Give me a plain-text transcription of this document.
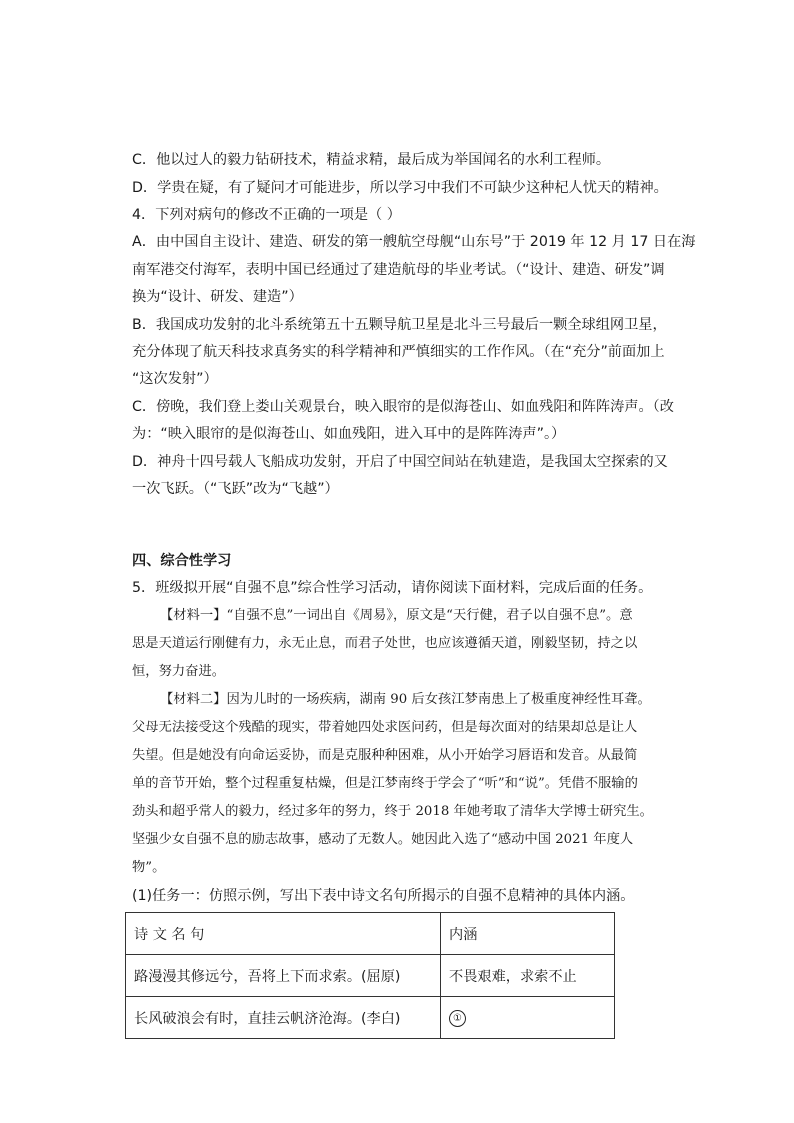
C．他以过人的毅力钻研技术，精益求精，最后成为举国闻名的水利工程师。
D．学贵在疑，有了疑问才可能进步，所以学习中我们不可缺少这种杞人忧天的精神。
4．下列对病句的修改不正确的一项是（ ）
A．由中国自主设计、建造、研发的第一艘航空母舰“山东号”于 2019 年 12 月 17 日在海
南军港交付海军，表明中国已经通过了建造航母的毕业考试。（“设计、建造、研发”调
换为“设计、研发、建造”）
B．我国成功发射的北斗系统第五十五颗导航卫星是北斗三号最后一颗全球组网卫星，
充分体现了航天科技求真务实的科学精神和严慎细实的工作作风。（在“充分”前面加上
“这次发射”）
C．傍晚，我们登上娄山关观景台，映入眼帘的是似海苍山、如血残阳和阵阵涛声。（改
为：“映入眼帘的是似海苍山、如血残阳，进入耳中的是阵阵涛声”。）
D．神舟十四号载人飞船成功发射，开启了中国空间站在轨建造，是我国太空探索的又
一次飞跃。（“飞跃”改为“飞越”）
四、综合性学习
5．班级拟开展“自强不息”综合性学习活动，请你阅读下面材料，完成后面的任务。
【材料一】“自强不息”一词出自《周易》，原文是“天行健，君子以自强不息”。意
思是天道运行刚健有力，永无止息，而君子处世，也应该遵循天道，刚毅坚韧，持之以
恒，努力奋进。
【材料二】因为儿时的一场疾病，湖南 90 后女孩江梦南患上了极重度神经性耳聋。
父母无法接受这个残酷的现实，带着她四处求医问药，但是每次面对的结果却总是让人
失望。但是她没有向命运妥协，而是克服种种困难，从小开始学习唇语和发音。从最简
单的音节开始，整个过程重复枯燥，但是江梦南终于学会了“听”和“说”。凭借不服输的
劲头和超乎常人的毅力，经过多年的努力，终于 2018 年她考取了清华大学博士研究生。
坚强少女自强不息的励志故事，感动了无数人。她因此入选了“感动中国 2021 年度人
物”。
(1)任务一：仿照示例，写出下表中诗文名句所揭示的自强不息精神的具体内涵。
诗 文 名 句	内涵
路漫漫其修远兮，吾将上下而求索。(屈原)	不畏艰难，求索不止
长风破浪会有时，直挂云帆济沧海。(李白)	①
